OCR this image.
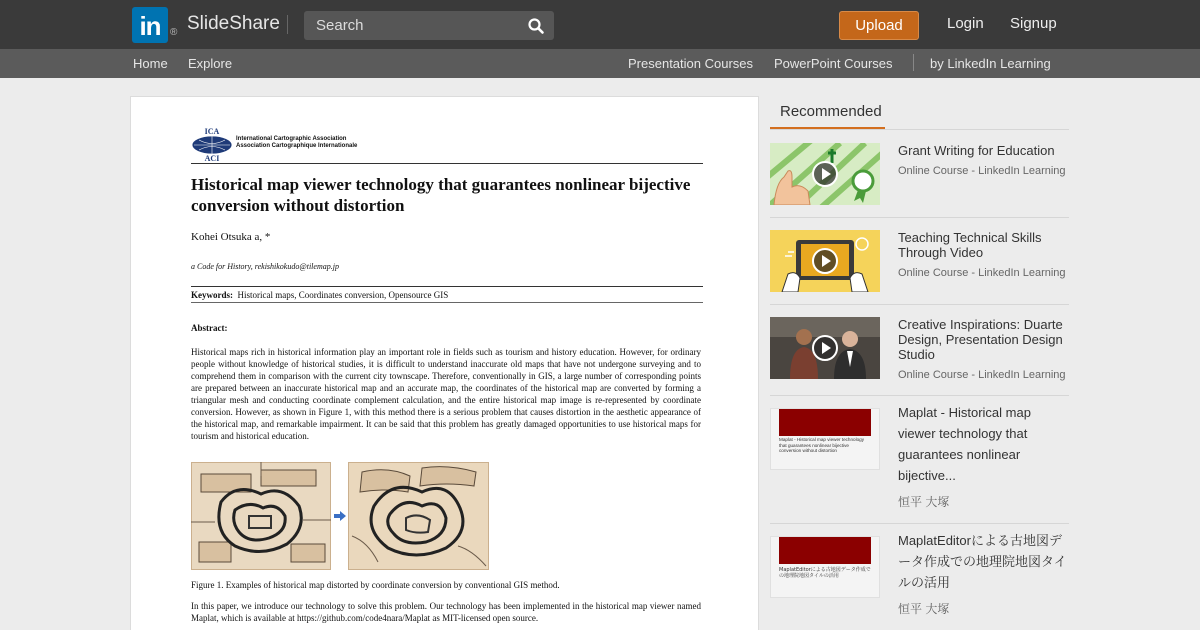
in ® SlideShare
Search	Upload	Login Signup
Home Explore	Presentation Courses PowerPoint Courses	by LinkedIn Learning
ICA
ACI
International Cartographic Association
Association Cartographique Internationale
Historical map viewer technology that guarantees nonlinear bijective conversion without distortion
Kohei Otsuka a, *
a Code for History, rekishikokudo@tilemap.jp
Keywords: Historical maps, Coordinates conversion, Opensource GIS
Abstract:
Historical maps rich in historical information play an important role in fields such as tourism and history education. However, for ordinary people without knowledge of historical studies, it is difficult to understand inaccurate old maps that have not undergone surveying and to comprehend them in comparison with the current city townscape. Therefore, conventionally in GIS, a large number of corresponding points are prepared between an inaccurate historical map and an accurate map, the coordinates of the historical map are converted by forming a triangular mesh and conducting coordinate complement calculation, and the entire historical map image is re-represented by coordinate conversion. However, as shown in Figure 1, with this method there is a serious problem that causes distortion in the aesthetic appearance of the historical map, and remarkable impairment. It can be said that this problem has greatly damaged opportunities to use historical maps for tourism and historical education.
Figure 1. Examples of historical map distorted by coordinate conversion by conventional GIS method.
In this paper, we introduce our technology to solve this problem. Our technology has been implemented in the historical map viewer named Maplat, which is available at https://github.com/code4nara/Maplat as MIT-licensed open source.
Recommended
Grant Writing for Education
Online Course - LinkedIn Learning
Teaching Technical Skills Through Video
Online Course - LinkedIn Learning
Creative Inspirations: Duarte Design, Presentation Design Studio
Online Course - LinkedIn Learning
Maplat - Historical map viewer technology that guarantees nonlinear bijective conversion without distortion
Maplat - Historical map viewer technology that guarantees nonlinear bijective...
恒平 大塚
MaplatEditorによる古地図データ作成での地理院地図タイルの活用
MaplatEditorによる古地図データ作成での地理院地図タイルの活用
恒平 大塚
